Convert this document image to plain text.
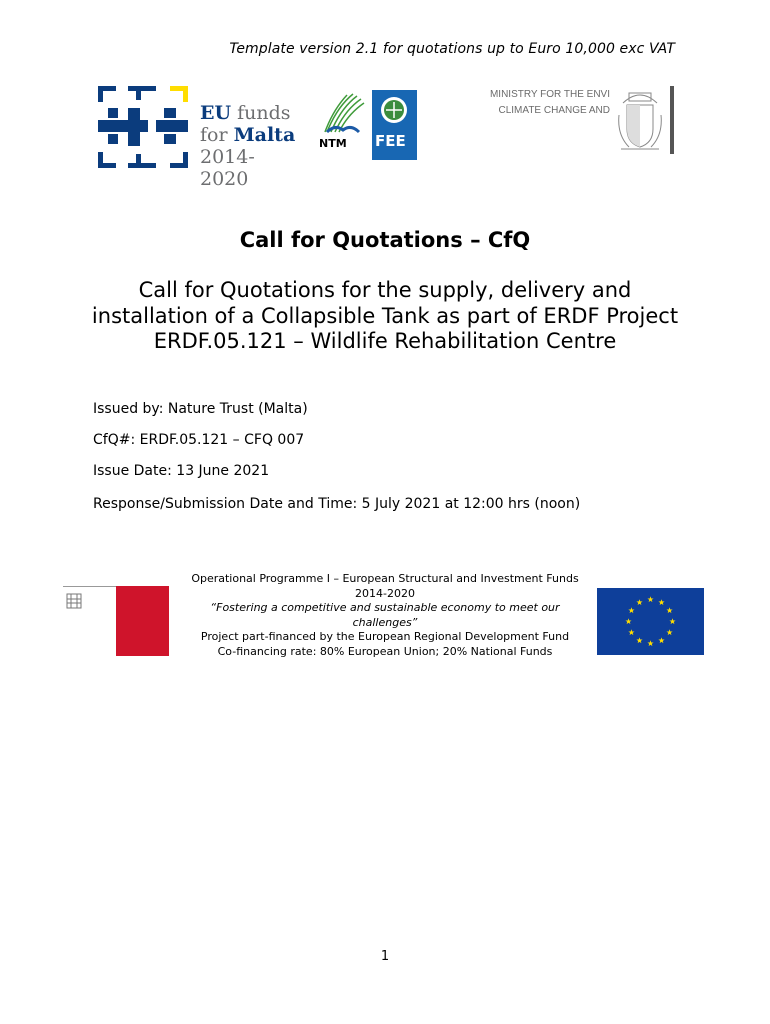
Template version 2.1 for quotations up to Euro 10,000 exc VAT
EU funds
for Malta
2014-2020
NTM FEE
MINISTRY FOR THE ENVI
CLIMATE CHANGE AND
Call for Quotations – CfQ
Call for Quotations for the supply, delivery and installation of a Collapsible Tank as part of ERDF Project ERDF.05.121 – Wildlife Rehabilitation Centre
Issued by: Nature Trust (Malta)
CfQ#: ERDF.05.121 – CFQ 007
Issue Date: 13 June 2021
Response/Submission Date and Time: 5 July 2021 at 12:00 hrs (noon)
Operational Programme I – European Structural and Investment Funds 2014-2020
“Fostering a competitive and sustainable economy to meet our challenges”
Project part-financed by the European Regional Development Fund
Co-financing rate: 80% European Union; 20% National Funds
1
